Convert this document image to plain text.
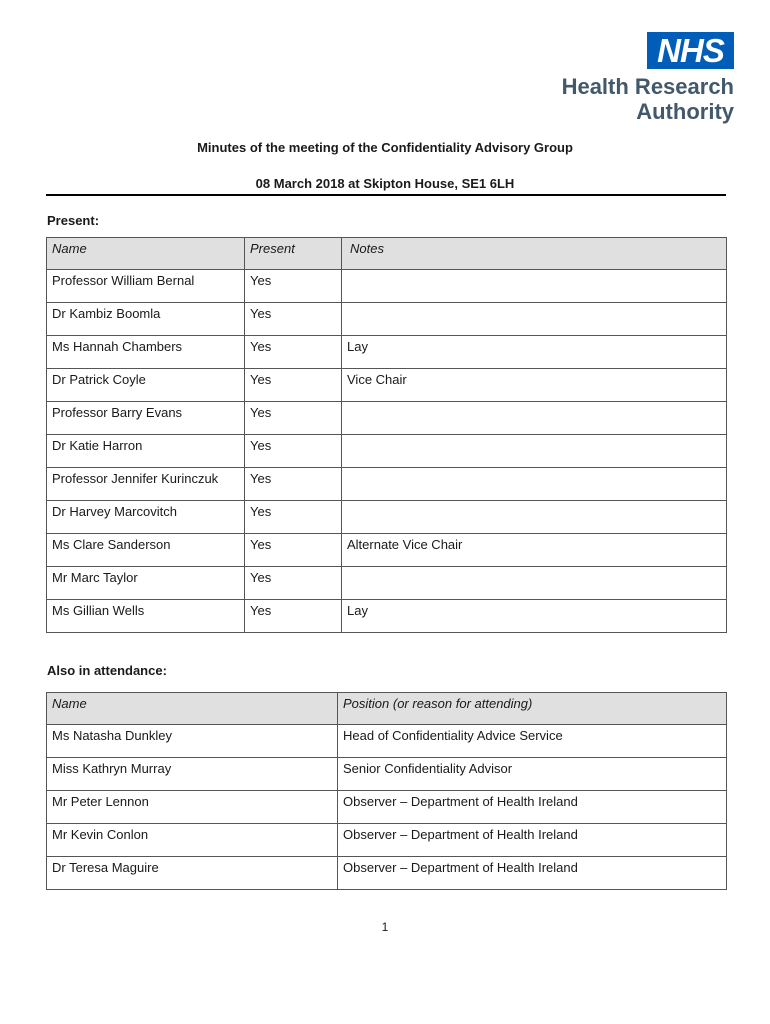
NHS
Health Research
Authority
Minutes of the meeting of the Confidentiality Advisory Group
08 March 2018 at Skipton House, SE1 6LH
Present:
Name	Present	Notes
Professor William Bernal	Yes	
Dr Kambiz Boomla	Yes	
Ms Hannah Chambers	Yes	Lay
Dr Patrick Coyle	Yes	Vice Chair
Professor Barry Evans	Yes	
Dr Katie Harron	Yes	
Professor Jennifer Kurinczuk	Yes	
Dr Harvey Marcovitch	Yes	
Ms Clare Sanderson	Yes	Alternate Vice Chair
Mr Marc Taylor	Yes	
Ms Gillian Wells	Yes	Lay
Also in attendance:
Name	Position (or reason for attending)
Ms Natasha Dunkley	Head of Confidentiality Advice Service
Miss Kathryn Murray	Senior Confidentiality Advisor
Mr Peter Lennon	Observer – Department of Health Ireland
Mr Kevin Conlon	Observer – Department of Health Ireland
Dr Teresa Maguire	Observer – Department of Health Ireland
1
